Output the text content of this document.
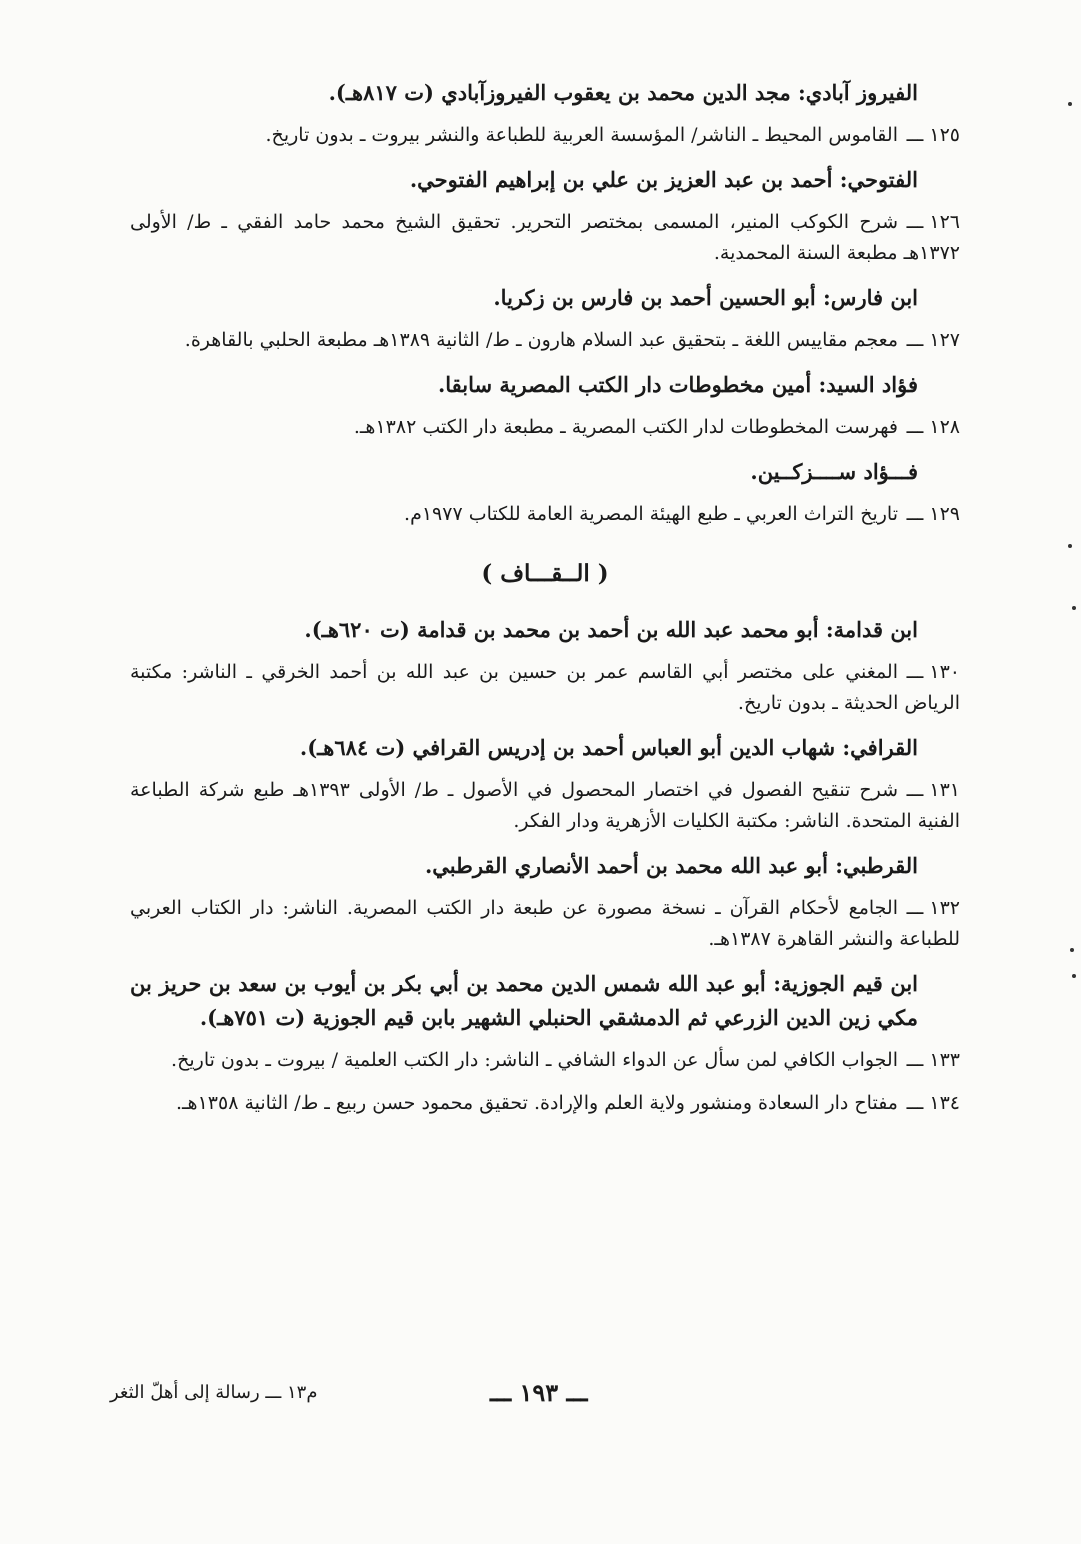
الفيروز آبادي: مجد الدين محمد بن يعقوب الفيروزآبادي (ت ٨١٧هـ).
١٢٥ ـــالقاموس المحيط ـ الناشر/ المؤسسة العربية للطباعة والنشر بيروت ـ بدون تاريخ.
الفتوحي: أحمد بن عبد العزيز بن علي بن إبراهيم الفتوحي.
١٢٦ ـــشرح الكوكب المنير، المسمى بمختصر التحرير. تحقيق الشيخ محمد حامد الفقي ـ ط/ الأولى ١٣٧٢هـ مطبعة السنة المحمدية.
ابن فارس: أبو الحسين أحمد بن فارس بن زكريا.
١٢٧ ـــمعجم مقاييس اللغة ـ بتحقيق عبد السلام هارون ـ ط/ الثانية ١٣٨٩هـ مطبعة الحلبي بالقاهرة.
فؤاد السيد: أمين مخطوطات دار الكتب المصرية سابقا.
١٢٨ ـــفهرست المخطوطات لدار الكتب المصرية ـ مطبعة دار الكتب ١٣٨٢هـ.
فـــؤاد ســــزكــين.
١٢٩ ـــتاريخ التراث العربي ـ طبع الهيئة المصرية العامة للكتاب ١٩٧٧م.
( الــقـــاف )
ابن قدامة: أبو محمد عبد الله بن أحمد بن محمد بن قدامة (ت ٦٢٠هـ).
١٣٠ ـــالمغني على مختصر أبي القاسم عمر بن حسين بن عبد الله بن أحمد الخرقي ـ الناشر: مكتبة الرياض الحديثة ـ بدون تاريخ.
القرافي: شهاب الدين أبو العباس أحمد بن إدريس القرافي (ت ٦٨٤هـ).
١٣١ ـــشرح تنقيح الفصول في اختصار المحصول في الأصول ـ ط/ الأولى ١٣٩٣هـ طبع شركة الطباعة الفنية المتحدة. الناشر: مكتبة الكليات الأزهرية ودار الفكر.
القرطبي: أبو عبد الله محمد بن أحمد الأنصاري القرطبي.
١٣٢ ـــالجامع لأحكام القرآن ـ نسخة مصورة عن طبعة دار الكتب المصرية. الناشر: دار الكتاب العربي للطباعة والنشر القاهرة ١٣٨٧هـ.
ابن قيم الجوزية: أبو عبد الله شمس الدين محمد بن أبي بكر بن أيوب بن سعد بن حريز بن مكي زين الدين الزرعي ثم الدمشقي الحنبلي الشهير بابن قيم الجوزية (ت ٧٥١هـ).
١٣٣ ـــالجواب الكافي لمن سأل عن الدواء الشافي ـ الناشر: دار الكتب العلمية / بيروت ـ بدون تاريخ.
١٣٤ ـــمفتاح دار السعادة ومنشور ولاية العلم والإرادة. تحقيق محمود حسن ربيع ـ ط/ الثانية ١٣٥٨هـ.
ـــ ١٩٣ ـــ
م١٣ ـــ رسالة إلى أهلّ الثغر
